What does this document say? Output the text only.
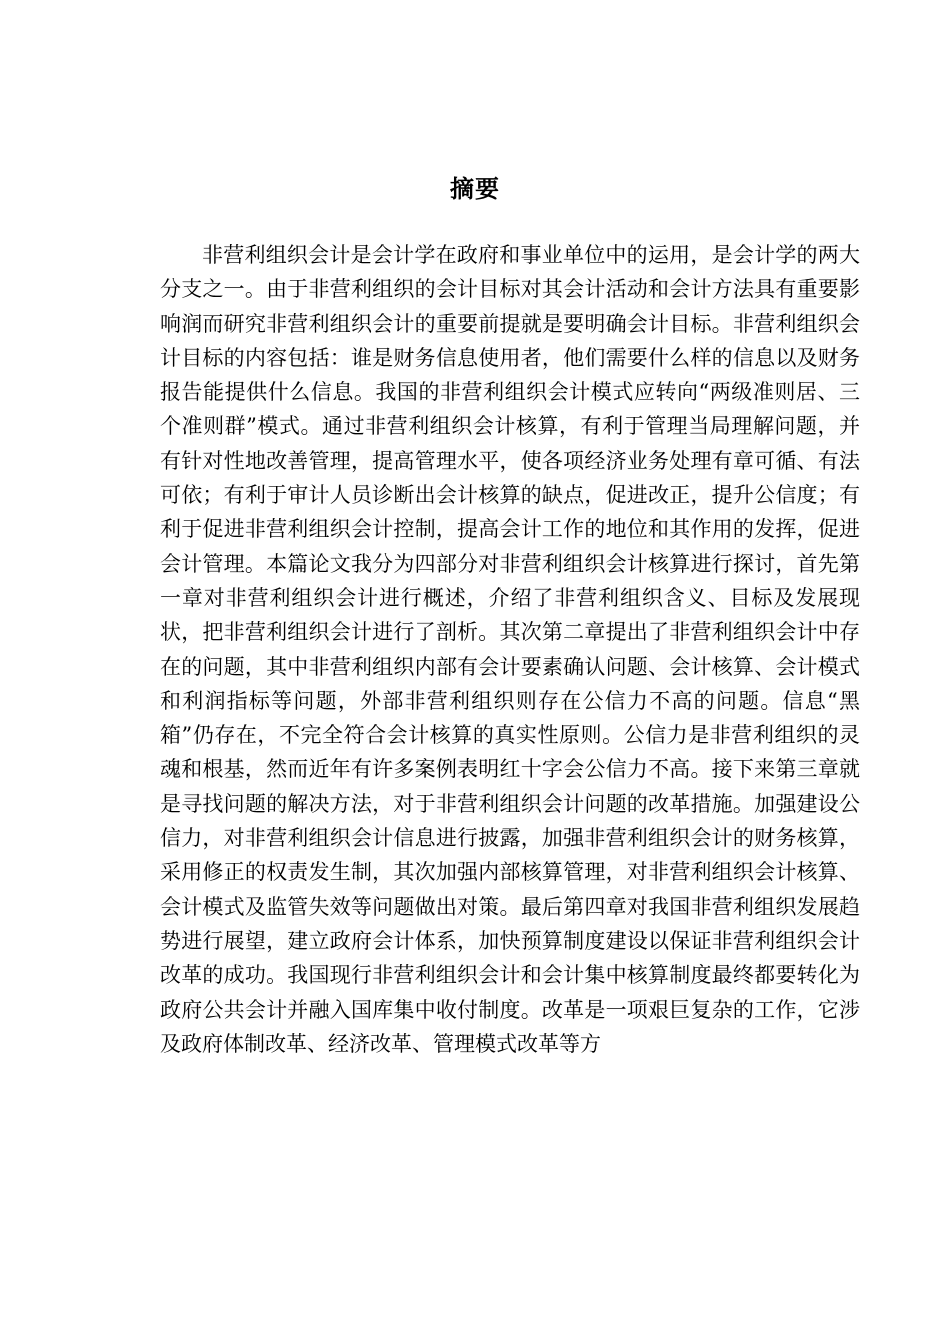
摘要

非营利组织会计是会计学在政府和事业单位中的运用，是会计学的两大分支之一。由于非营利组织的会计目标对其会计活动和会计方法具有重要影响润而研究非营利组织会计的重要前提就是要明确会计目标。非营利组织会计目标的内容包括：谁是财务信息使用者，他们需要什么样的信息以及财务报告能提供什么信息。我国的非营利组织会计模式应转向“两级准则居、三个准则群”模式。通过非营利组织会计核算，有利于管理当局理解问题，并有针对性地改善管理，提高管理水平，使各项经济业务处理有章可循、有法可依；有利于审计人员诊断出会计核算的缺点，促进改正，提升公信度；有利于促进非营利组织会计控制，提高会计工作的地位和其作用的发挥，促进会计管理。本篇论文我分为四部分对非营利组织会计核算进行探讨，首先第一章对非营利组织会计进行概述，介绍了非营利组织含义、目标及发展现状，把非营利组织会计进行了剖析。其次第二章提出了非营利组织会计中存在的问题，其中非营利组织内部有会计要素确认问题、会计核算、会计模式和利润指标等问题，外部非营利组织则存在公信力不高的问题。信息“黑箱”仍存在，不完全符合会计核算的真实性原则。公信力是非营利组织的灵魂和根基，然而近年有许多案例表明红十字会公信力不高。接下来第三章就是寻找问题的解决方法，对于非营利组织会计问题的改革措施。加强建设公信力，对非营利组织会计信息进行披露，加强非营利组织会计的财务核算，采用修正的权责发生制，其次加强内部核算管理，对非营利组织会计核算、会计模式及监管失效等问题做出对策。最后第四章对我国非营利组织发展趋势进行展望，建立政府会计体系，加快预算制度建设以保证非营利组织会计改革的成功。我国现行非营利组织会计和会计集中核算制度最终都要转化为政府公共会计并融入国库集中收付制度。改革是一项艰巨复杂的工作，它涉及政府体制改革、经济改革、管理模式改革等方
